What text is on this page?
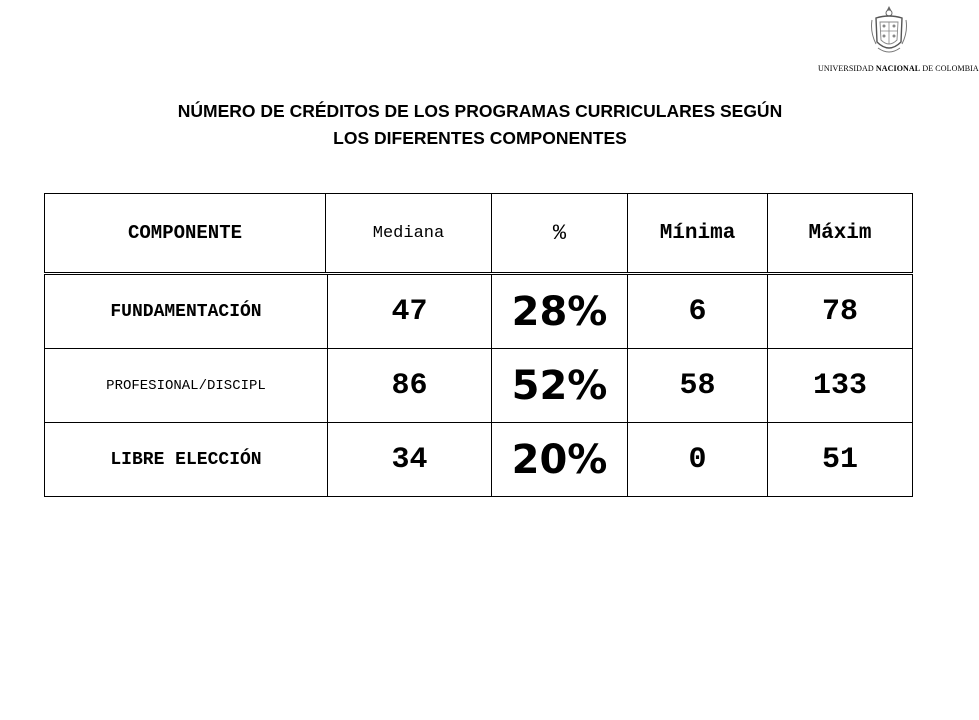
UNIVERSIDAD NACIONAL DE COLOMBIA
NÚMERO DE CRÉDITOS DE LOS PROGRAMAS CURRICULARES SEGÚN
LOS DIFERENTES COMPONENTES
COMPONENTE	Mediana	%	Mínima	Máxim
FUNDAMENTACIÓN	47	28%	6	78
PROFESIONAL/DISCIPL	86	52%	58	133
LIBRE ELECCIÓN	34	20%	0	51
